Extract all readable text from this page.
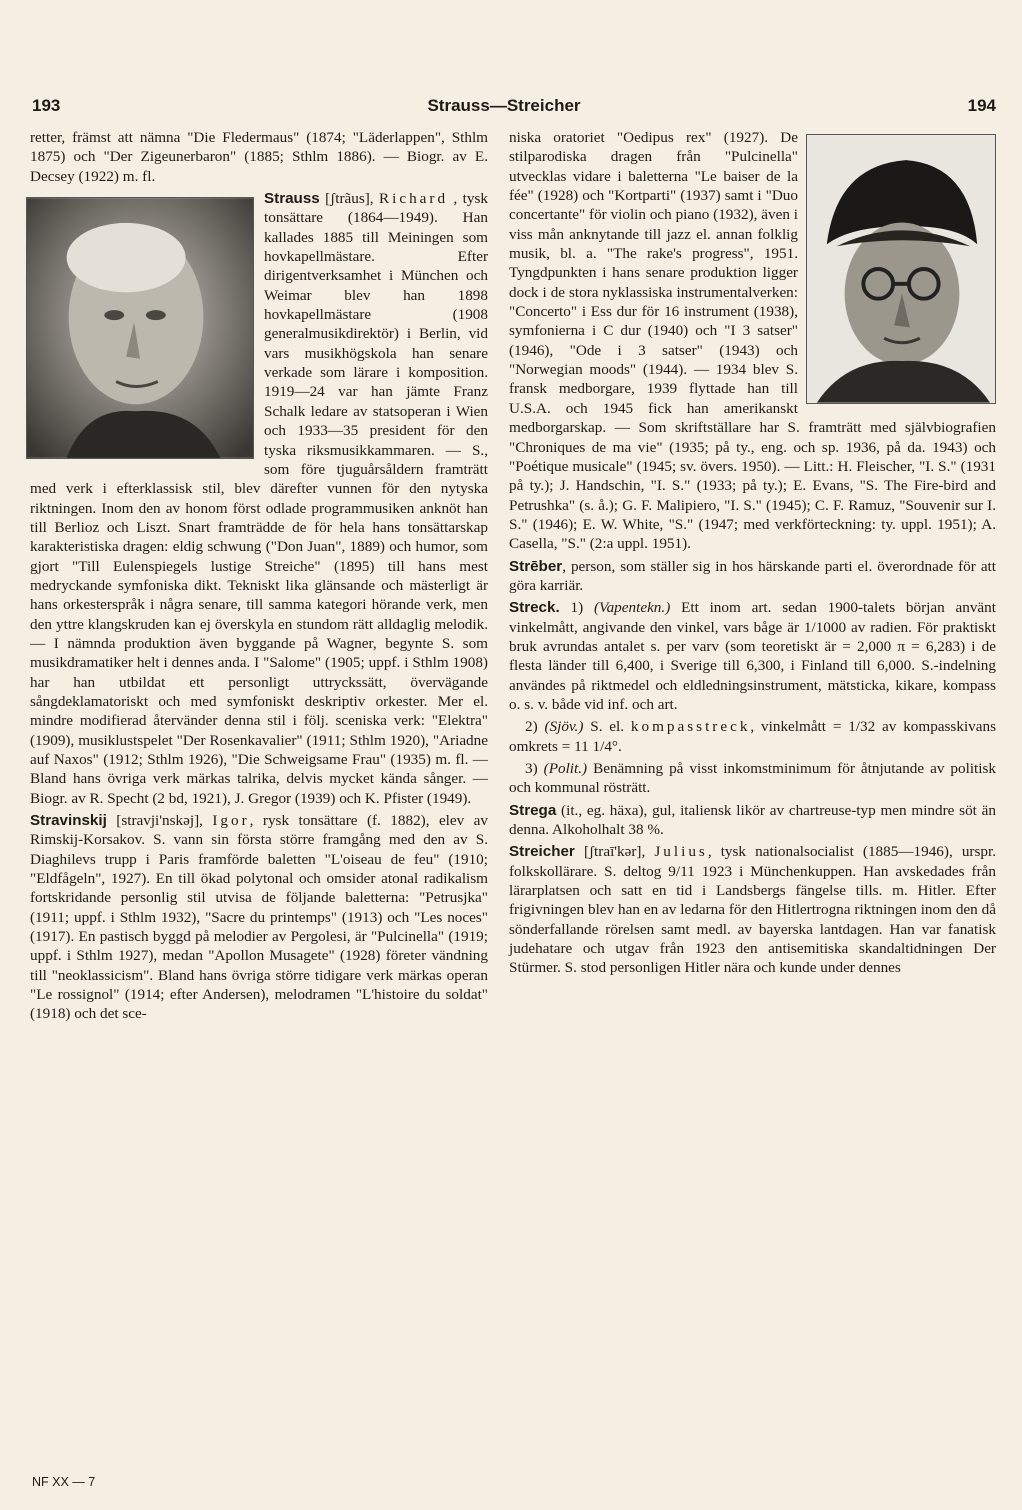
193	Strauss—Streicher	194

retter, främst att nämna "Die Fledermaus" (1874; "Läderlappen", Sthlm 1875) och "Der Zigeunerbaron" (1885; Sthlm 1886). — Biogr. av E. Decsey (1922) m. fl.

Strauss [ʃtrãus], Richard , tysk tonsättare (1864—1949). Han kallades 1885 till Meiningen som hovkapellmästare. Efter dirigentverksamhet i München och Weimar blev han 1898 hovkapellmästare (1908 generalmusikdirektör) i Berlin, vid vars musikhögskola han senare verkade som lärare i komposition. 1919—24 var han jämte Franz Schalk ledare av statsoperan i Wien och 1933—35 president för den tyska riksmusikkammaren. — S., som före tjuguårsåldern framträtt med verk i efterklassisk stil, blev därefter vunnen för den nytyska riktningen. Inom den av honom först odlade programmusiken anknöt han till Berlioz och Liszt. Snart framträdde de för hela hans tonsättarskap karakteristiska dragen: eldig schwung ("Don Juan", 1889) och humor, som gjort "Till Eulenspiegels lustige Streiche" (1895) till hans mest medryckande symfoniska dikt. Tekniskt lika glänsande och mästerligt är hans orkesterspråk i några senare, till samma kategori hörande verk, men den yttre klangskruden kan ej överskyla en stundom rätt alldaglig melodik. — I nämnda produktion även byggande på Wagner, begynte S. som musikdramatiker helt i dennes anda. I "Salome" (1905; uppf. i Sthlm 1908) har han utbildat ett personligt uttryckssätt, övervägande sångdeklamatoriskt och med symfoniskt deskriptiv orkester. Mer el. mindre modifierad återvänder denna stil i följ. sceniska verk: "Elektra" (1909), musiklustspelet "Der Rosenkavalier" (1911; Sthlm 1920), "Ariadne auf Naxos" (1912; Sthlm 1926), "Die Schweigsame Frau" (1935) m. fl. — Bland hans övriga verk märkas talrika, delvis mycket kända sånger. — Biogr. av R. Specht (2 bd, 1921), J. Gregor (1939) och K. Pfister (1949).

Stravinskij [stravji'nskəj], Igor, rysk tonsättare (f. 1882), elev av Rimskij-Korsakov. S. vann sin första större framgång med den av S. Diaghilevs trupp i Paris framförde baletten "L'oiseau de feu" (1910; "Eldfågeln", 1927). En till ökad polytonal och omsider atonal radikalism fortskridande personlig stil utvisa de följande baletterna: "Petrusjka" (1911; uppf. i Sthlm 1932), "Sacre du printemps" (1913) och "Les noces" (1917). En pastisch byggd på melodier av Pergolesi, är "Pulcinella" (1919; uppf. i Sthlm 1927), medan "Apollon Musagete" (1928) företer vändning till "neoklassicism". Bland hans övriga större tidigare verk märkas operan "Le rossignol" (1914; efter Andersen), melodramen "L'histoire du soldat" (1918) och det sce-

niska oratoriet "Oedipus rex" (1927). De stilparodiska dragen från "Pulcinella" utvecklas vidare i baletterna "Le baiser de la fée" (1928) och "Kortparti" (1937) samt i "Duo concertante" för violin och piano (1932), även i viss mån anknytande till jazz el. annan folklig musik, bl. a. "The rake's progress", 1951. Tyngdpunkten i hans senare produktion ligger dock i de stora nyklassiska instrumentalverken: "Concerto" i Ess dur för 16 instrument (1938), symfonierna i C dur (1940) och "I 3 satser" (1946), "Ode i 3 satser" (1943) och "Norwegian moods" (1944). — 1934 blev S. fransk medborgare, 1939 flyttade han till U.S.A. och 1945 fick han amerikanskt medborgarskap. — Som skriftställare har S. framträtt med självbiografien "Chroniques de ma vie" (1935; på ty., eng. och sp. 1936, på da. 1943) och "Poétique musicale" (1945; sv. övers. 1950). — Litt.: H. Fleischer, "I. S." (1931 på ty.); J. Handschin, "I. S." (1933; på ty.); E. Evans, "S. The Fire-bird and Petrushka" (s. å.); G. F. Malipiero, "I. S." (1945); C. F. Ramuz, "Souvenir sur I. S." (1946); E. W. White, "S." (1947; med verkförteckning: ty. uppl. 1951); A. Casella, "S." (2:a uppl. 1951).

Strēber, person, som ställer sig in hos härskande parti el. överordnade för att göra karriär.

Streck. 1) (Vapentekn.) Ett inom art. sedan 1900-talets början använt vinkelmått, angivande den vinkel, vars båge är 1/1000 av radien. För praktiskt bruk avrundas antalet s. per varv (som teoretiskt är = 2,000 π = 6,283) i de flesta länder till 6,400, i Sverige till 6,300, i Finland till 6,000. S.-indelning användes på riktmedel och eldledningsinstrument, mätsticka, kikare, kompass o. s. v. både vid inf. och art.

2) (Sjöv.) S. el. kompasstreck, vinkelmått = 1/32 av kompasskivans omkrets = 11 1/4°.

3) (Polit.) Benämning på visst inkomstminimum för åtnjutande av politisk och kommunal rösträtt.

Strega (it., eg. häxa), gul, italiensk likör av chartreuse-typ men mindre söt än denna. Alkoholhalt 38 %.

Streicher [ʃtraī'kər], Julius, tysk nationalsocialist (1885—1946), urspr. folkskollärare. S. deltog 9/11 1923 i Münchenkuppen. Han avskedades från lärarplatsen och satt en tid i Landsbergs fängelse tills. m. Hitler. Efter frigivningen blev han en av ledarna för den Hitlertrogna riktningen inom den då sönderfallande rörelsen samt medl. av bayerska lantdagen. Han var fanatisk judehatare och utgav från 1923 den antisemitiska skandaltidningen Der Stürmer. S. stod personligen Hitler nära och kunde under dennes

NF XX — 7
